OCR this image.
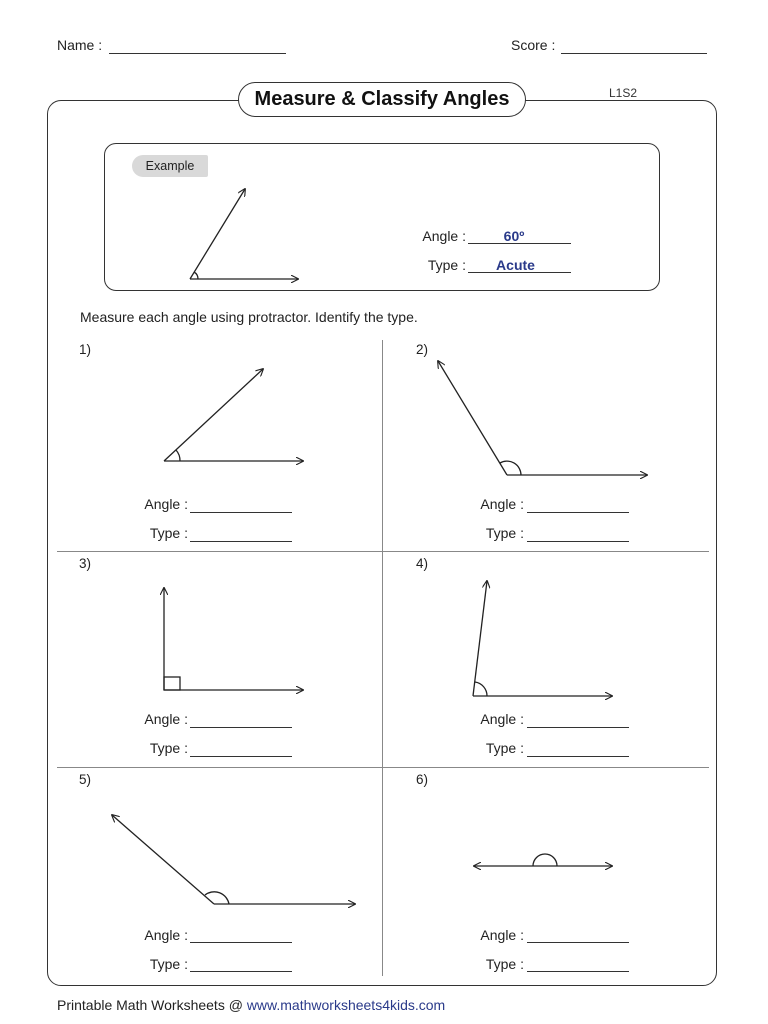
Name :	Score :
Measure & Classify Angles	L1S2
Example
Angle :	60º
Type :	Acute
Measure each angle using protractor. Identify the type.
1)	2)
3)	4)
5)	6)
Angle :
Type :
Angle :
Type :
Angle :
Type :
Angle :
Type :
Angle :
Type :
Angle :
Type :
Printable Math Worksheets @ www.mathworksheets4kids.com
